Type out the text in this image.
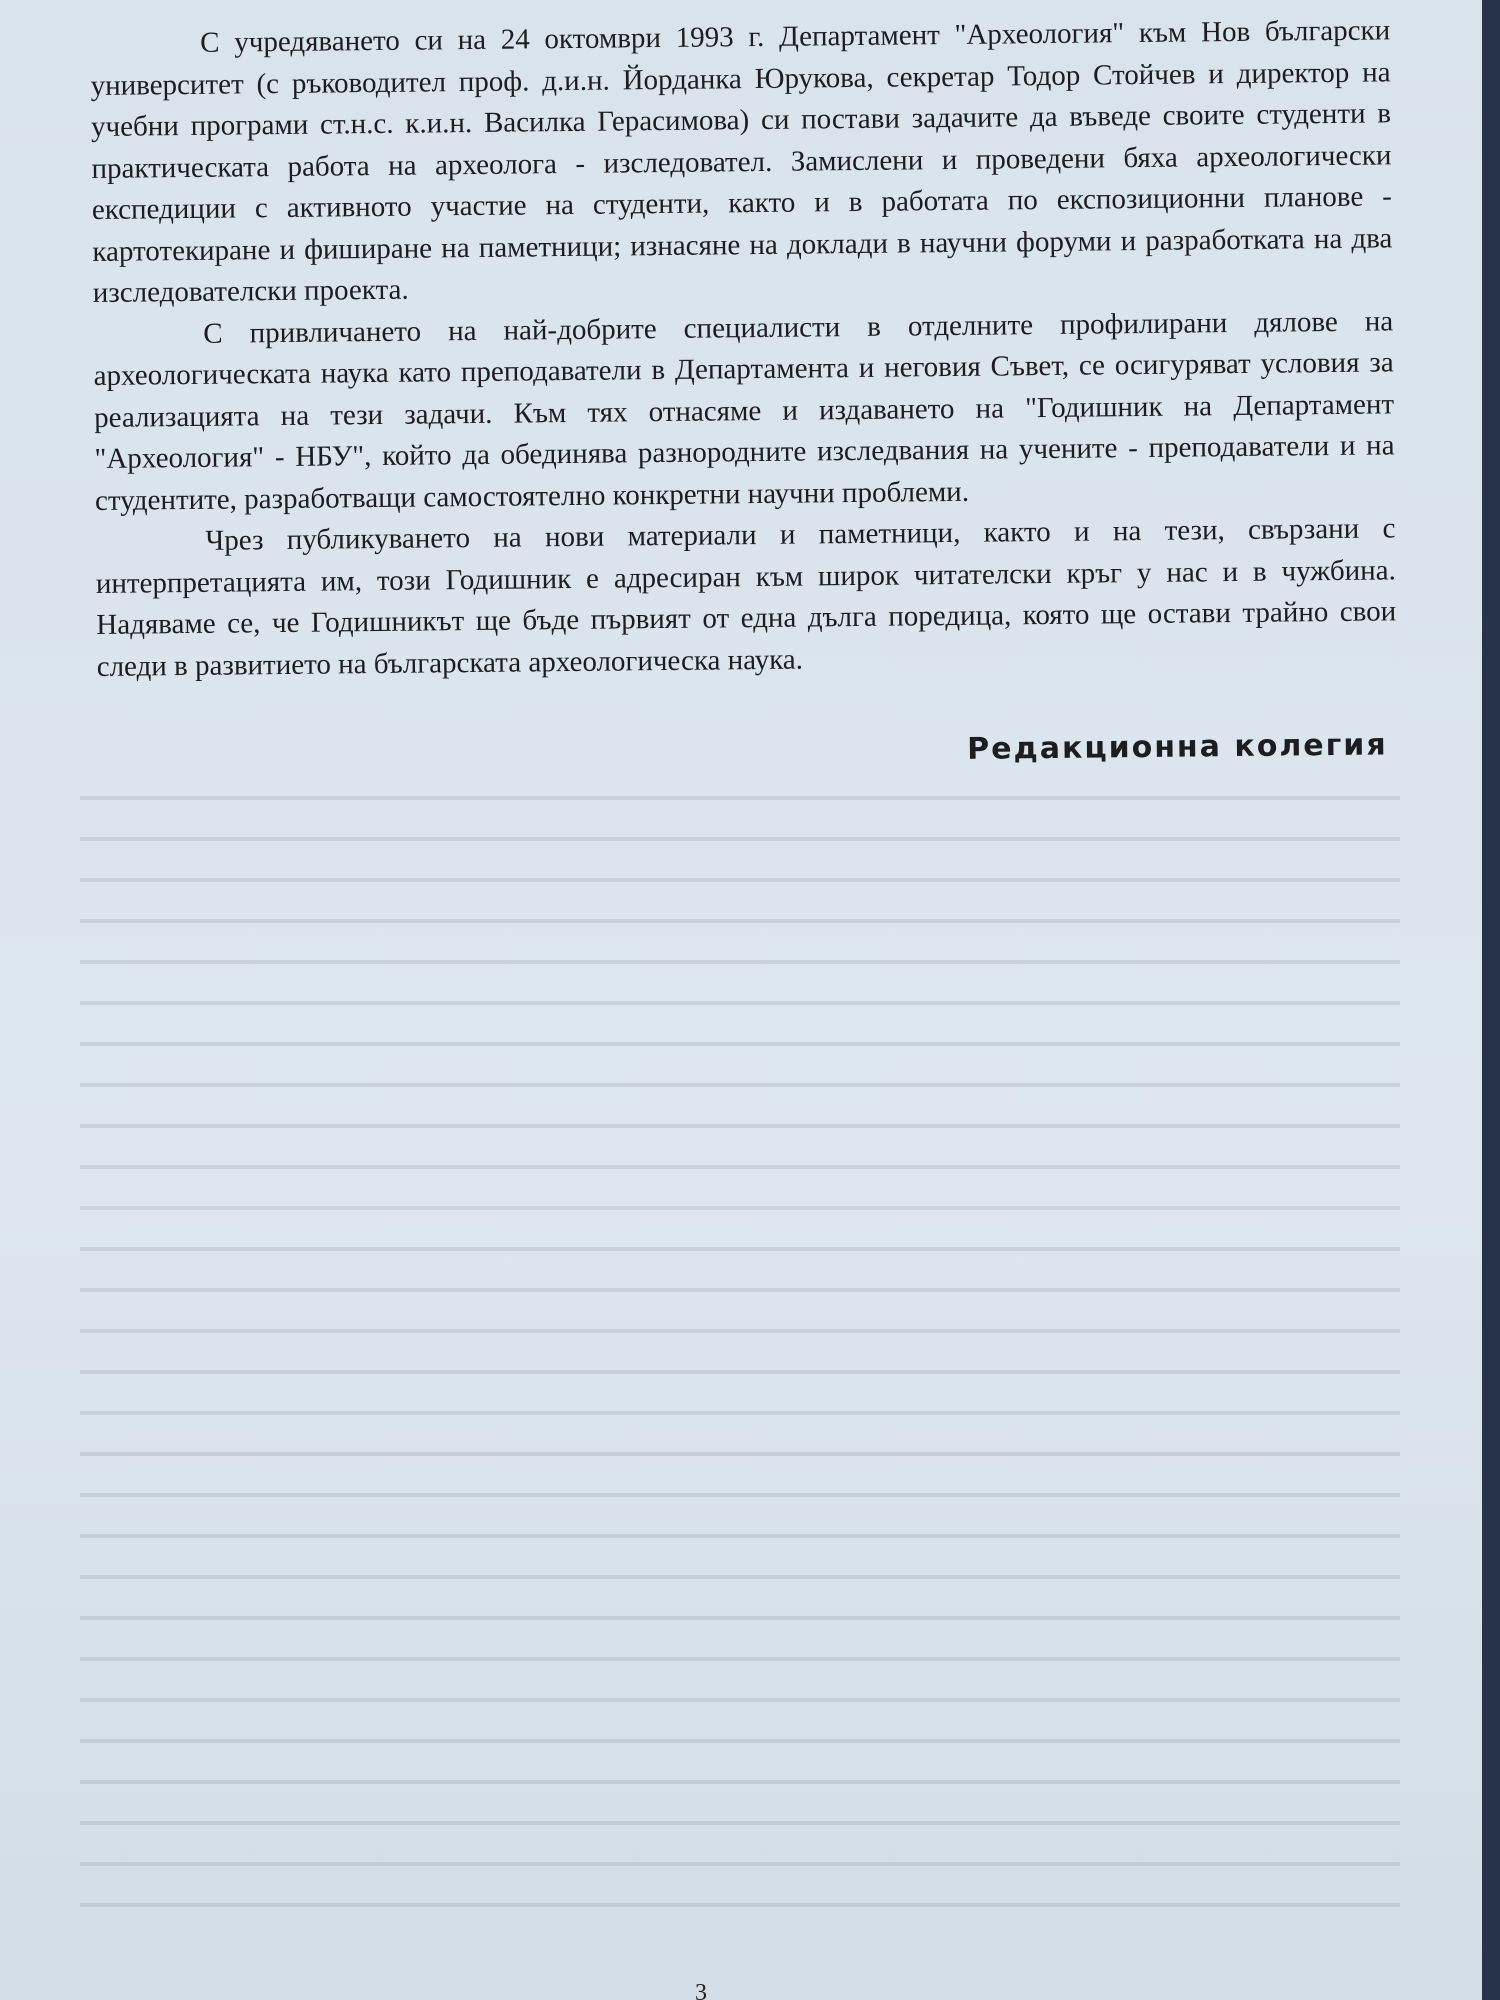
С учредяването си на 24 октомври 1993 г. Департамент "Археология" към Нов български университет (с ръководител проф. д.и.н. Йорданка Юрукова, секретар Тодор Стойчев и директор на учебни програми ст.н.с. к.и.н. Василка Герасимова) си постави задачите да въведе своите студенти в практическата работа на археолога - изследовател. Замислени и проведени бяха археологически експедиции с активното участие на студенти, както и в работата по експозиционни планове - картотекиране и фиширане на паметници; изнасяне на доклади в научни форуми и разработката на два изследователски проекта.

С привличането на най-добрите специалисти в отделните профилирани дялове на археологическата наука като преподаватели в Департамента и неговия Съвет, се осигуряват условия за реализацията на тези задачи. Към тях отнасяме и издаването на "Годишник на Департамент "Археология" - НБУ", който да обединява разнородните изследвания на учените - преподаватели и на студентите, разработващи самостоятелно конкретни научни проблеми.

Чрез публикуването на нови материали и паметници, както и на тези, свързани с интерпретацията им, този Годишник е адресиран към широк читателски кръг у нас и в чужбина. Надяваме се, че Годишникът ще бъде първият от една дълга поредица, която ще остави трайно свои следи в развитието на българската археологическа наука.

Редакционна колегия
3
